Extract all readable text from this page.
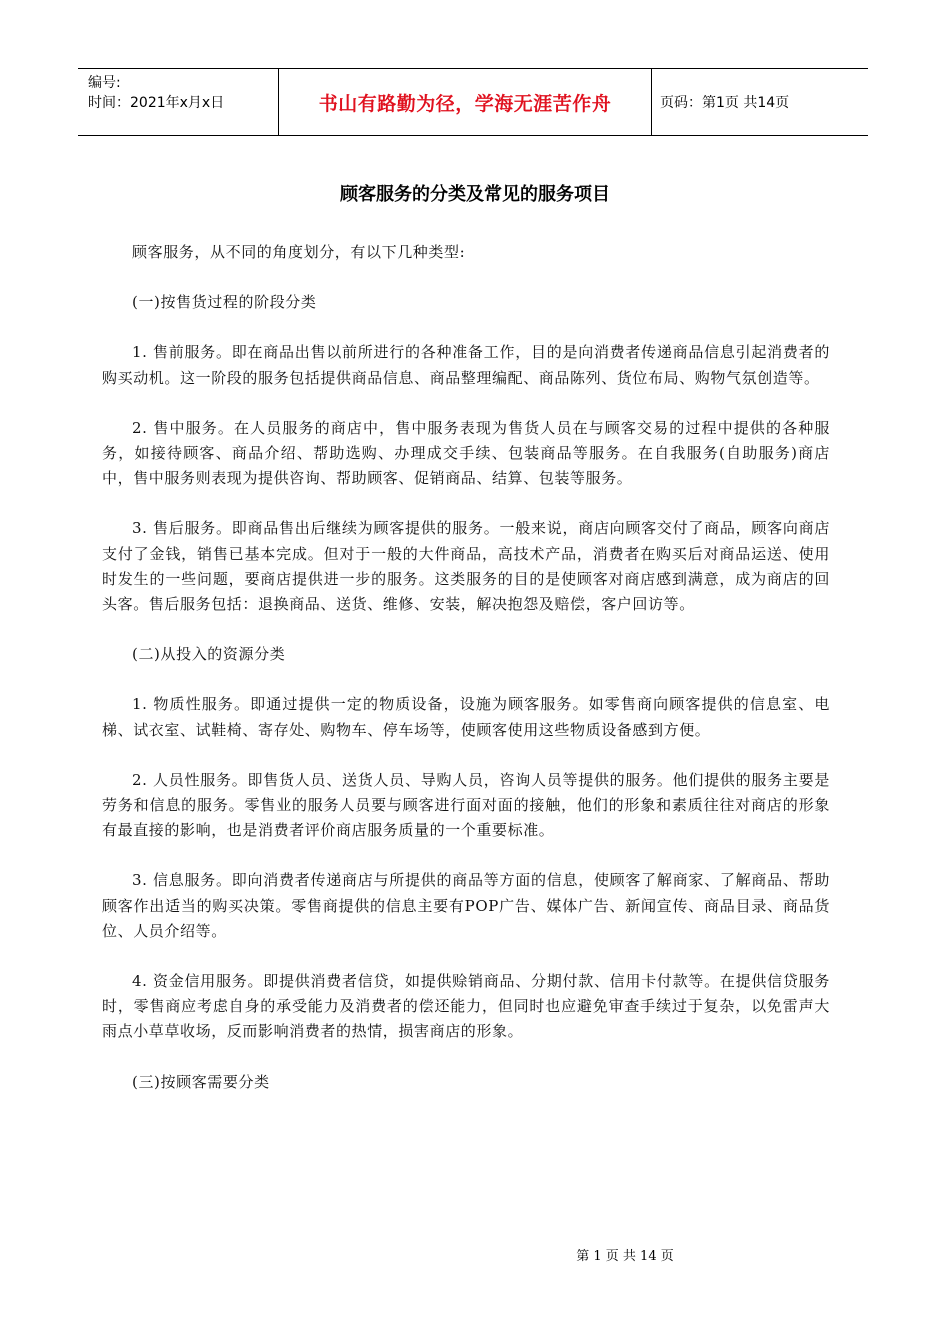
编号:
时间：2021年x月x日	书山有路勤为径，学海无涯苦作舟	页码：第1页 共14页
顾客服务的分类及常见的服务项目

顾客服务，从不同的角度划分，有以下几种类型:

(一)按售货过程的阶段分类

1. 售前服务。即在商品出售以前所进行的各种准备工作，目的是向消费者传递商品信息引起消费者的购买动机。这一阶段的服务包括提供商品信息、商品整理编配、商品陈列、货位布局、购物气氛创造等。

2. 售中服务。在人员服务的商店中，售中服务表现为售货人员在与顾客交易的过程中提供的各种服务，如接待顾客、商品介绍、帮助选购、办理成交手续、包装商品等服务。在自我服务(自助服务)商店中，售中服务则表现为提供咨询、帮助顾客、促销商品、结算、包装等服务。

3. 售后服务。即商品售出后继续为顾客提供的服务。一般来说，商店向顾客交付了商品，顾客向商店支付了金钱，销售已基本完成。但对于一般的大件商品，高技术产品，消费者在购买后对商品运送、使用时发生的一些问题，要商店提供进一步的服务。这类服务的目的是使顾客对商店感到满意，成为商店的回头客。售后服务包括：退换商品、送货、维修、安装，解决抱怨及赔偿，客户回访等。

(二)从投入的资源分类

1. 物质性服务。即通过提供一定的物质设备，设施为顾客服务。如零售商向顾客提供的信息室、电梯、试衣室、试鞋椅、寄存处、购物车、停车场等，使顾客使用这些物质设备感到方便。

2. 人员性服务。即售货人员、送货人员、导购人员，咨询人员等提供的服务。他们提供的服务主要是劳务和信息的服务。零售业的服务人员要与顾客进行面对面的接触，他们的形象和素质往往对商店的形象有最直接的影响，也是消费者评价商店服务质量的一个重要标准。

3. 信息服务。即向消费者传递商店与所提供的商品等方面的信息，使顾客了解商家、了解商品、帮助顾客作出适当的购买决策。零售商提供的信息主要有POP广告、媒体广告、新闻宣传、商品目录、商品货位、人员介绍等。

4. 资金信用服务。即提供消费者信贷，如提供赊销商品、分期付款、信用卡付款等。在提供信贷服务时，零售商应考虑自身的承受能力及消费者的偿还能力，但同时也应避免审查手续过于复杂，以免雷声大雨点小草草收场，反而影响消费者的热情，损害商店的形象。

(三)按顾客需要分类

第 1 页 共 14 页
